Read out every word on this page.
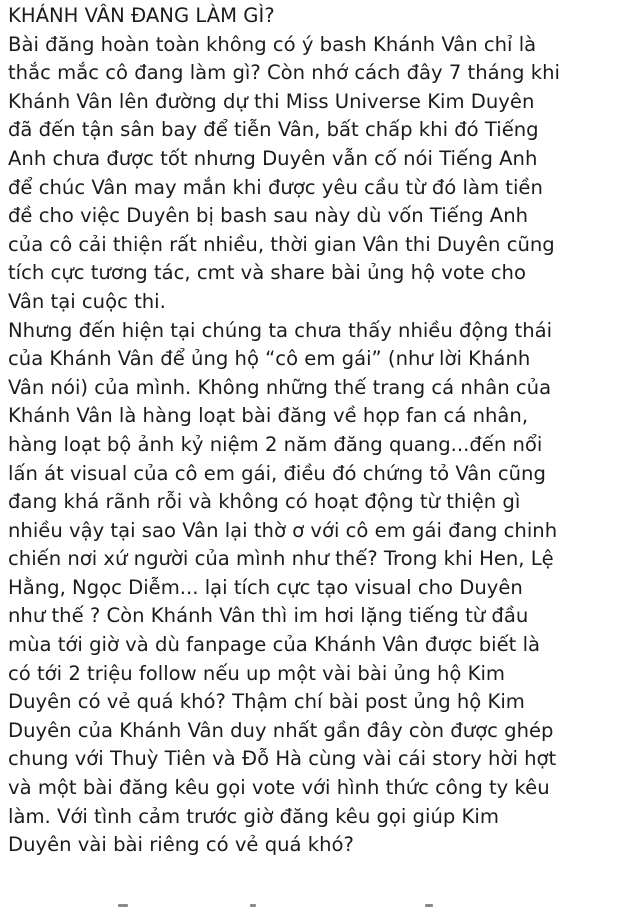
KHÁNH VÂN ĐANG LÀM GÌ?
Bài đăng hoàn toàn không có ý bash Khánh Vân chỉ là
thắc mắc cô đang làm gì? Còn nhớ cách đây 7 tháng khi
Khánh Vân lên đường dự thi Miss Universe Kim Duyên
đã đến tận sân bay để tiễn Vân, bất chấp khi đó Tiếng
Anh chưa được tốt nhưng Duyên vẫn cố nói Tiếng Anh
để chúc Vân may mắn khi được yêu cầu từ đó làm tiền
đề cho việc Duyên bị bash sau này dù vốn Tiếng Anh
của cô cải thiện rất nhiều, thời gian Vân thi Duyên cũng
tích cực tương tác, cmt và share bài ủng hộ vote cho
Vân tại cuộc thi.
Nhưng đến hiện tại chúng ta chưa thấy nhiều động thái
của Khánh Vân để ủng hộ “cô em gái” (như lời Khánh
Vân nói) của mình. Không những thế trang cá nhân của
Khánh Vân là hàng loạt bài đăng về họp fan cá nhân,
hàng loạt bộ ảnh kỷ niệm 2 năm đăng quang...đến nổi
lấn át visual của cô em gái, điều đó chứng tỏ Vân cũng
đang khá rãnh rỗi và không có hoạt động từ thiện gì
nhiều vậy tại sao Vân lại thờ ơ với cô em gái đang chinh
chiến nơi xứ người của mình như thế? Trong khi Hen, Lệ
Hằng, Ngọc Diễm... lại tích cực tạo visual cho Duyên
như thế ? Còn Khánh Vân thì im hơi lặng tiếng từ đầu
mùa tới giờ và dù fanpage của Khánh Vân được biết là
có tới 2 triệu follow nếu up một vài bài ủng hộ Kim
Duyên có vẻ quá khó? Thậm chí bài post ủng hộ Kim
Duyên của Khánh Vân duy nhất gần đây còn được ghép
chung với Thuỳ Tiên và Đỗ Hà cùng vài cái story hời hợt
và một bài đăng kêu gọi vote với hình thức công ty kêu
làm. Với tình cảm trước giờ đăng kêu gọi giúp Kim
Duyên vài bài riêng có vẻ quá khó?
